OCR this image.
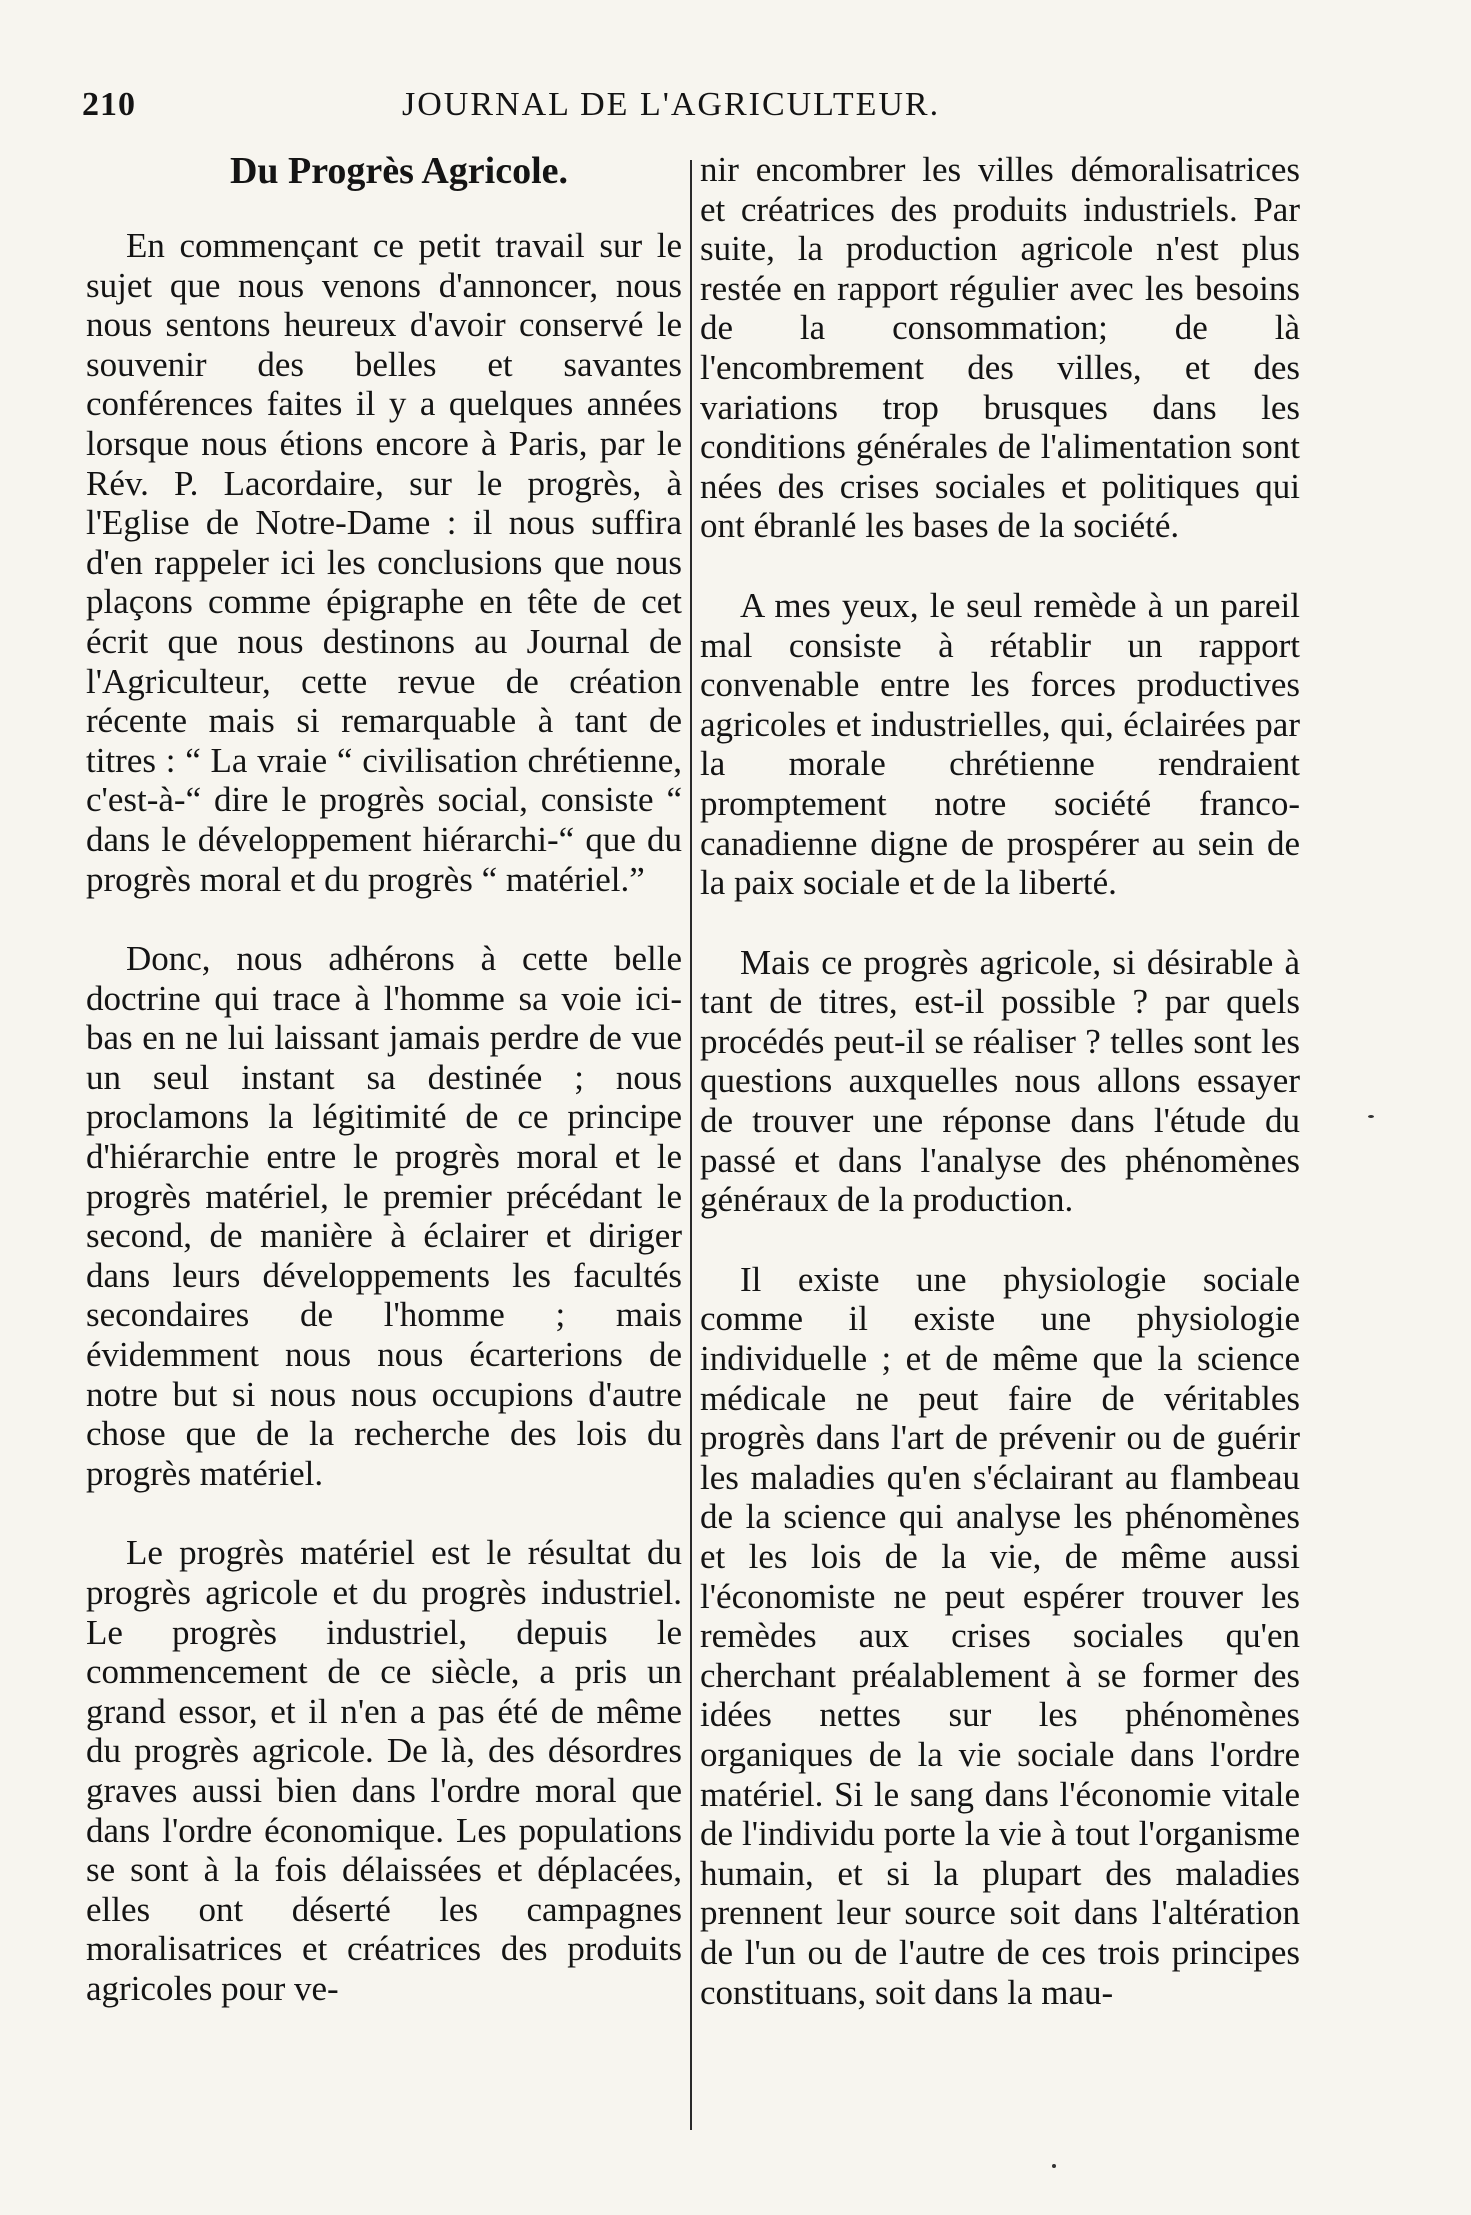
210	JOURNAL DE L'AGRICULTEUR.
Du Progrès Agricole.

En commençant ce petit travail sur le sujet que nous venons d'annoncer, nous nous sentons heureux d'avoir conservé le souvenir des belles et savantes conférences faites il y a quelques années lorsque nous étions encore à Paris, par le Rév. P. Lacordaire, sur le progrès, à l'Eglise de Notre-Dame : il nous suffira d'en rappeler ici les conclusions que nous plaçons comme épigraphe en tête de cet écrit que nous destinons au Journal de l'Agriculteur, cette revue de création récente mais si remarquable à tant de titres : “ La vraie “ civilisation chrétienne, c'est-à-“ dire le progrès social, consiste “ dans le développement hiérarchi-“ que du progrès moral et du progrès “ matériel.”

Donc, nous adhérons à cette belle doctrine qui trace à l'homme sa voie ici-bas en ne lui laissant jamais perdre de vue un seul instant sa destinée ; nous proclamons la légitimité de ce principe d'hiérarchie entre le progrès moral et le progrès matériel, le premier précédant le second, de manière à éclairer et diriger dans leurs développements les facultés secondaires de l'homme ; mais évidemment nous nous écarterions de notre but si nous nous occupions d'autre chose que de la recherche des lois du progrès matériel.

Le progrès matériel est le résultat du progrès agricole et du progrès industriel. Le progrès industriel, depuis le commencement de ce siècle, a pris un grand essor, et il n'en a pas été de même du progrès agricole. De là, des désordres graves aussi bien dans l'ordre moral que dans l'ordre économique. Les populations se sont à la fois délaissées et déplacées, elles ont déserté les campagnes moralisatrices et créatrices des produits agricoles pour ve-

nir encombrer les villes démoralisatrices et créatrices des produits industriels. Par suite, la production agricole n'est plus restée en rapport régulier avec les besoins de la consommation; de là l'encombrement des villes, et des variations trop brusques dans les conditions générales de l'alimentation sont nées des crises sociales et politiques qui ont ébranlé les bases de la société.

A mes yeux, le seul remède à un pareil mal consiste à rétablir un rapport convenable entre les forces productives agricoles et industrielles, qui, éclairées par la morale chrétienne rendraient promptement notre société franco-canadienne digne de prospérer au sein de la paix sociale et de la liberté.

Mais ce progrès agricole, si désirable à tant de titres, est-il possible ? par quels procédés peut-il se réaliser ? telles sont les questions auxquelles nous allons essayer de trouver une réponse dans l'étude du passé et dans l'analyse des phénomènes généraux de la production.

Il existe une physiologie sociale comme il existe une physiologie individuelle ; et de même que la science médicale ne peut faire de véritables progrès dans l'art de prévenir ou de guérir les maladies qu'en s'éclairant au flambeau de la science qui analyse les phénomènes et les lois de la vie, de même aussi l'économiste ne peut espérer trouver les remèdes aux crises sociales qu'en cherchant préalablement à se former des idées nettes sur les phénomènes organiques de la vie sociale dans l'ordre matériel. Si le sang dans l'économie vitale de l'individu porte la vie à tout l'organisme humain, et si la plupart des maladies prennent leur source soit dans l'altération de l'un ou de l'autre de ces trois principes constituans, soit dans la mau-
